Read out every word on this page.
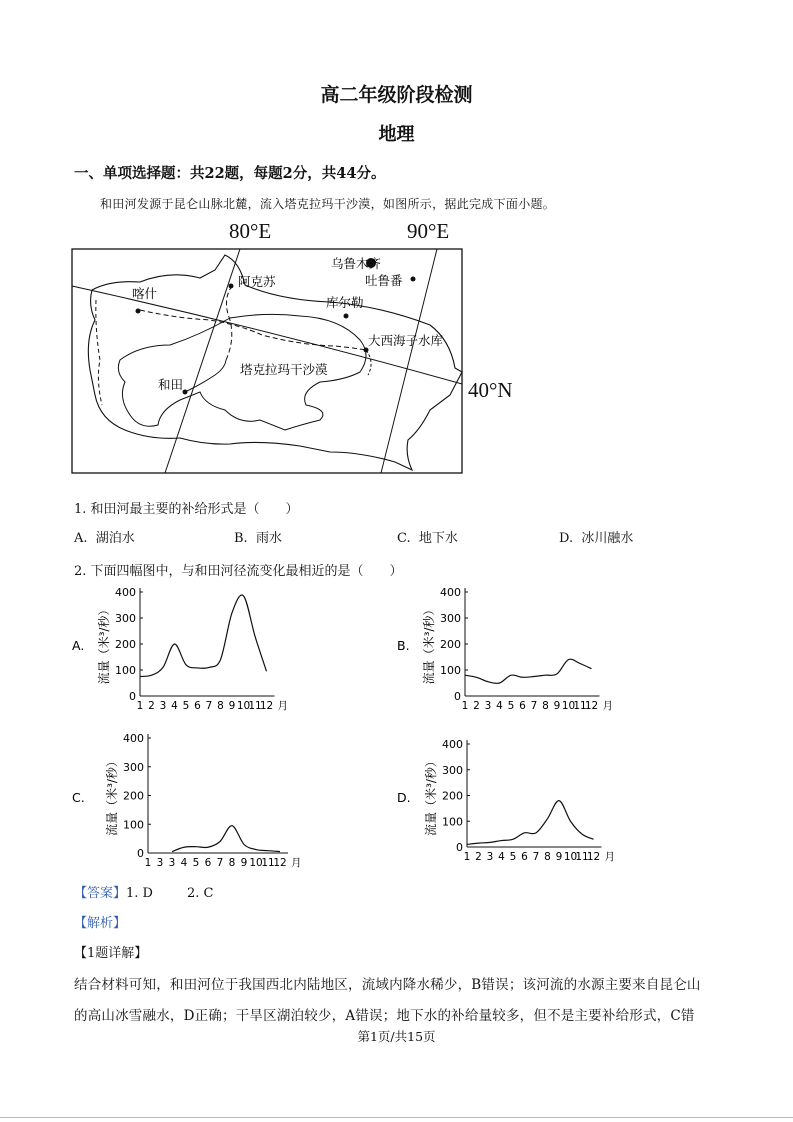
高二年级阶段检测
地理
一、单项选择题：共22题，每题2分，共44分。
和田河发源于昆仑山脉北麓，流入塔克拉玛干沙漠，如图所示，据此完成下面小题。
80°E	90°E
40°N
乌鲁木齐
吐鲁番
阿克苏
喀什
库尔勒
大西海子水库
和田
塔克拉玛干沙漠
1. 和田河最主要的补给形式是（　　）
A. 湖泊水	B. 雨水	C. 地下水	D. 冰川融水
2. 下面四幅图中，与和田河径流变化最相近的是（　　）
0
100
200
300
400
1 2 3 4 5 6 7 8 9 10
11
12 月
流量（米³/秒）
A.
0
100
200
300
400
1 2 3 4 5 6 7 8 9 10
11
12 月
流量（米³/秒）
B.
0
100
200
300
400
1 3 3 4 5 6 7 8 9 10
11
12 月
流量（米³/秒）
C.
0
100
200
300
400
1 2 3 4 5 6 7 8 9 10
11
12 月
流量（米³/秒）
D.
【答案】1. D	2. C
【解析】
【1题详解】
结合材料可知，和田河位于我国西北内陆地区，流域内降水稀少，B错误；该河流的水源主要来自昆仑山
的高山冰雪融水，D正确；干旱区湖泊较少，A错误；地下水的补给量较多，但不是主要补给形式，C错
第1页/共15页
